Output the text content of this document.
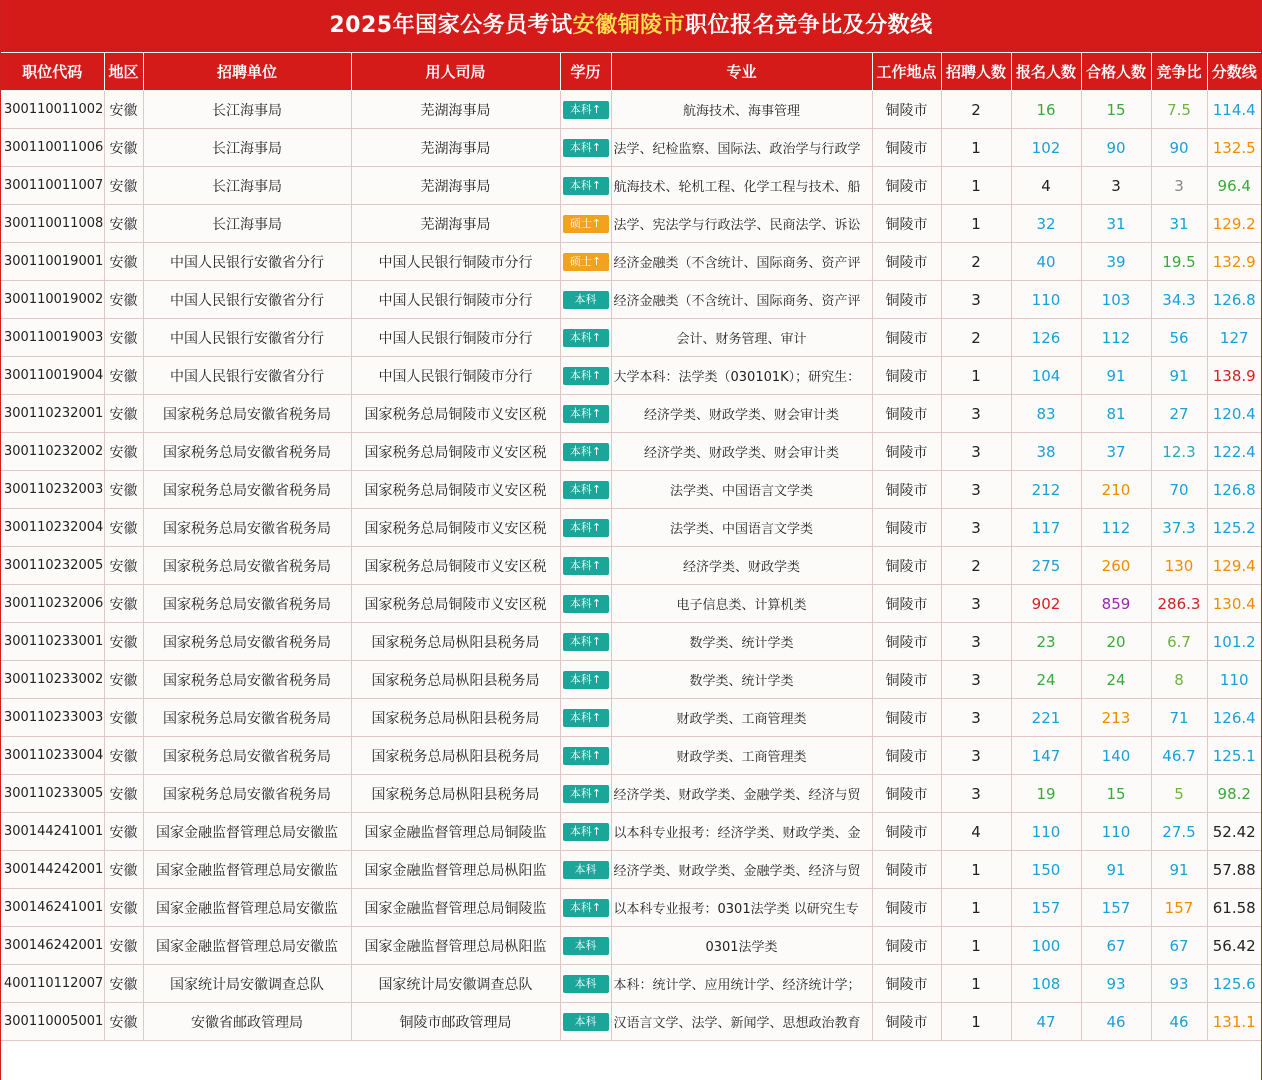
2025年国家公务员考试安徽铜陵市职位报名竞争比及分数线
职位代码	地区	招聘单位	用人司局	学历	专业	工作地点	招聘人数	报名人数	合格人数	竞争比	分数线
300110011002	安徽	长江海事局	芜湖海事局	本科↑	航海技术、海事管理	铜陵市	2	16	15	7.5	114.4
300110011006	安徽	长江海事局	芜湖海事局	本科↑	法学、纪检监察、国际法、政治学与行政学	铜陵市	1	102	90	90	132.5
300110011007	安徽	长江海事局	芜湖海事局	本科↑	航海技术、轮机工程、化学工程与技术、船	铜陵市	1	4	3	3	96.4
300110011008	安徽	长江海事局	芜湖海事局	硕士↑	法学、宪法学与行政法学、民商法学、诉讼	铜陵市	1	32	31	31	129.2
300110019001	安徽	中国人民银行安徽省分行	中国人民银行铜陵市分行	硕士↑	经济金融类（不含统计、国际商务、资产评	铜陵市	2	40	39	19.5	132.9
300110019002	安徽	中国人民银行安徽省分行	中国人民银行铜陵市分行	本科	经济金融类（不含统计、国际商务、资产评	铜陵市	3	110	103	34.3	126.8
300110019003	安徽	中国人民银行安徽省分行	中国人民银行铜陵市分行	本科↑	会计、财务管理、审计	铜陵市	2	126	112	56	127
300110019004	安徽	中国人民银行安徽省分行	中国人民银行铜陵市分行	本科↑	大学本科：法学类（030101K）；研究生：	铜陵市	1	104	91	91	138.9
300110232001	安徽	国家税务总局安徽省税务局	国家税务总局铜陵市义安区税	本科↑	经济学类、财政学类、财会审计类	铜陵市	3	83	81	27	120.4
300110232002	安徽	国家税务总局安徽省税务局	国家税务总局铜陵市义安区税	本科↑	经济学类、财政学类、财会审计类	铜陵市	3	38	37	12.3	122.4
300110232003	安徽	国家税务总局安徽省税务局	国家税务总局铜陵市义安区税	本科↑	法学类、中国语言文学类	铜陵市	3	212	210	70	126.8
300110232004	安徽	国家税务总局安徽省税务局	国家税务总局铜陵市义安区税	本科↑	法学类、中国语言文学类	铜陵市	3	117	112	37.3	125.2
300110232005	安徽	国家税务总局安徽省税务局	国家税务总局铜陵市义安区税	本科↑	经济学类、财政学类	铜陵市	2	275	260	130	129.4
300110232006	安徽	国家税务总局安徽省税务局	国家税务总局铜陵市义安区税	本科↑	电子信息类、计算机类	铜陵市	3	902	859	286.3	130.4
300110233001	安徽	国家税务总局安徽省税务局	国家税务总局枞阳县税务局	本科↑	数学类、统计学类	铜陵市	3	23	20	6.7	101.2
300110233002	安徽	国家税务总局安徽省税务局	国家税务总局枞阳县税务局	本科↑	数学类、统计学类	铜陵市	3	24	24	8	110
300110233003	安徽	国家税务总局安徽省税务局	国家税务总局枞阳县税务局	本科↑	财政学类、工商管理类	铜陵市	3	221	213	71	126.4
300110233004	安徽	国家税务总局安徽省税务局	国家税务总局枞阳县税务局	本科↑	财政学类、工商管理类	铜陵市	3	147	140	46.7	125.1
300110233005	安徽	国家税务总局安徽省税务局	国家税务总局枞阳县税务局	本科↑	经济学类、财政学类、金融学类、经济与贸	铜陵市	3	19	15	5	98.2
300144241001	安徽	国家金融监督管理总局安徽监	国家金融监督管理总局铜陵监	本科↑	以本科专业报考：经济学类、财政学类、金	铜陵市	4	110	110	27.5	52.42
300144242001	安徽	国家金融监督管理总局安徽监	国家金融监督管理总局枞阳监	本科	经济学类、财政学类、金融学类、经济与贸	铜陵市	1	150	91	91	57.88
300146241001	安徽	国家金融监督管理总局安徽监	国家金融监督管理总局铜陵监	本科↑	以本科专业报考：0301法学类 以研究生专	铜陵市	1	157	157	157	61.58
300146242001	安徽	国家金融监督管理总局安徽监	国家金融监督管理总局枞阳监	本科	0301法学类	铜陵市	1	100	67	67	56.42
400110112007	安徽	国家统计局安徽调查总队	国家统计局安徽调查总队	本科	本科：统计学、应用统计学、经济统计学；	铜陵市	1	108	93	93	125.6
300110005001	安徽	安徽省邮政管理局	铜陵市邮政管理局	本科	汉语言文学、法学、新闻学、思想政治教育	铜陵市	1	47	46	46	131.1
